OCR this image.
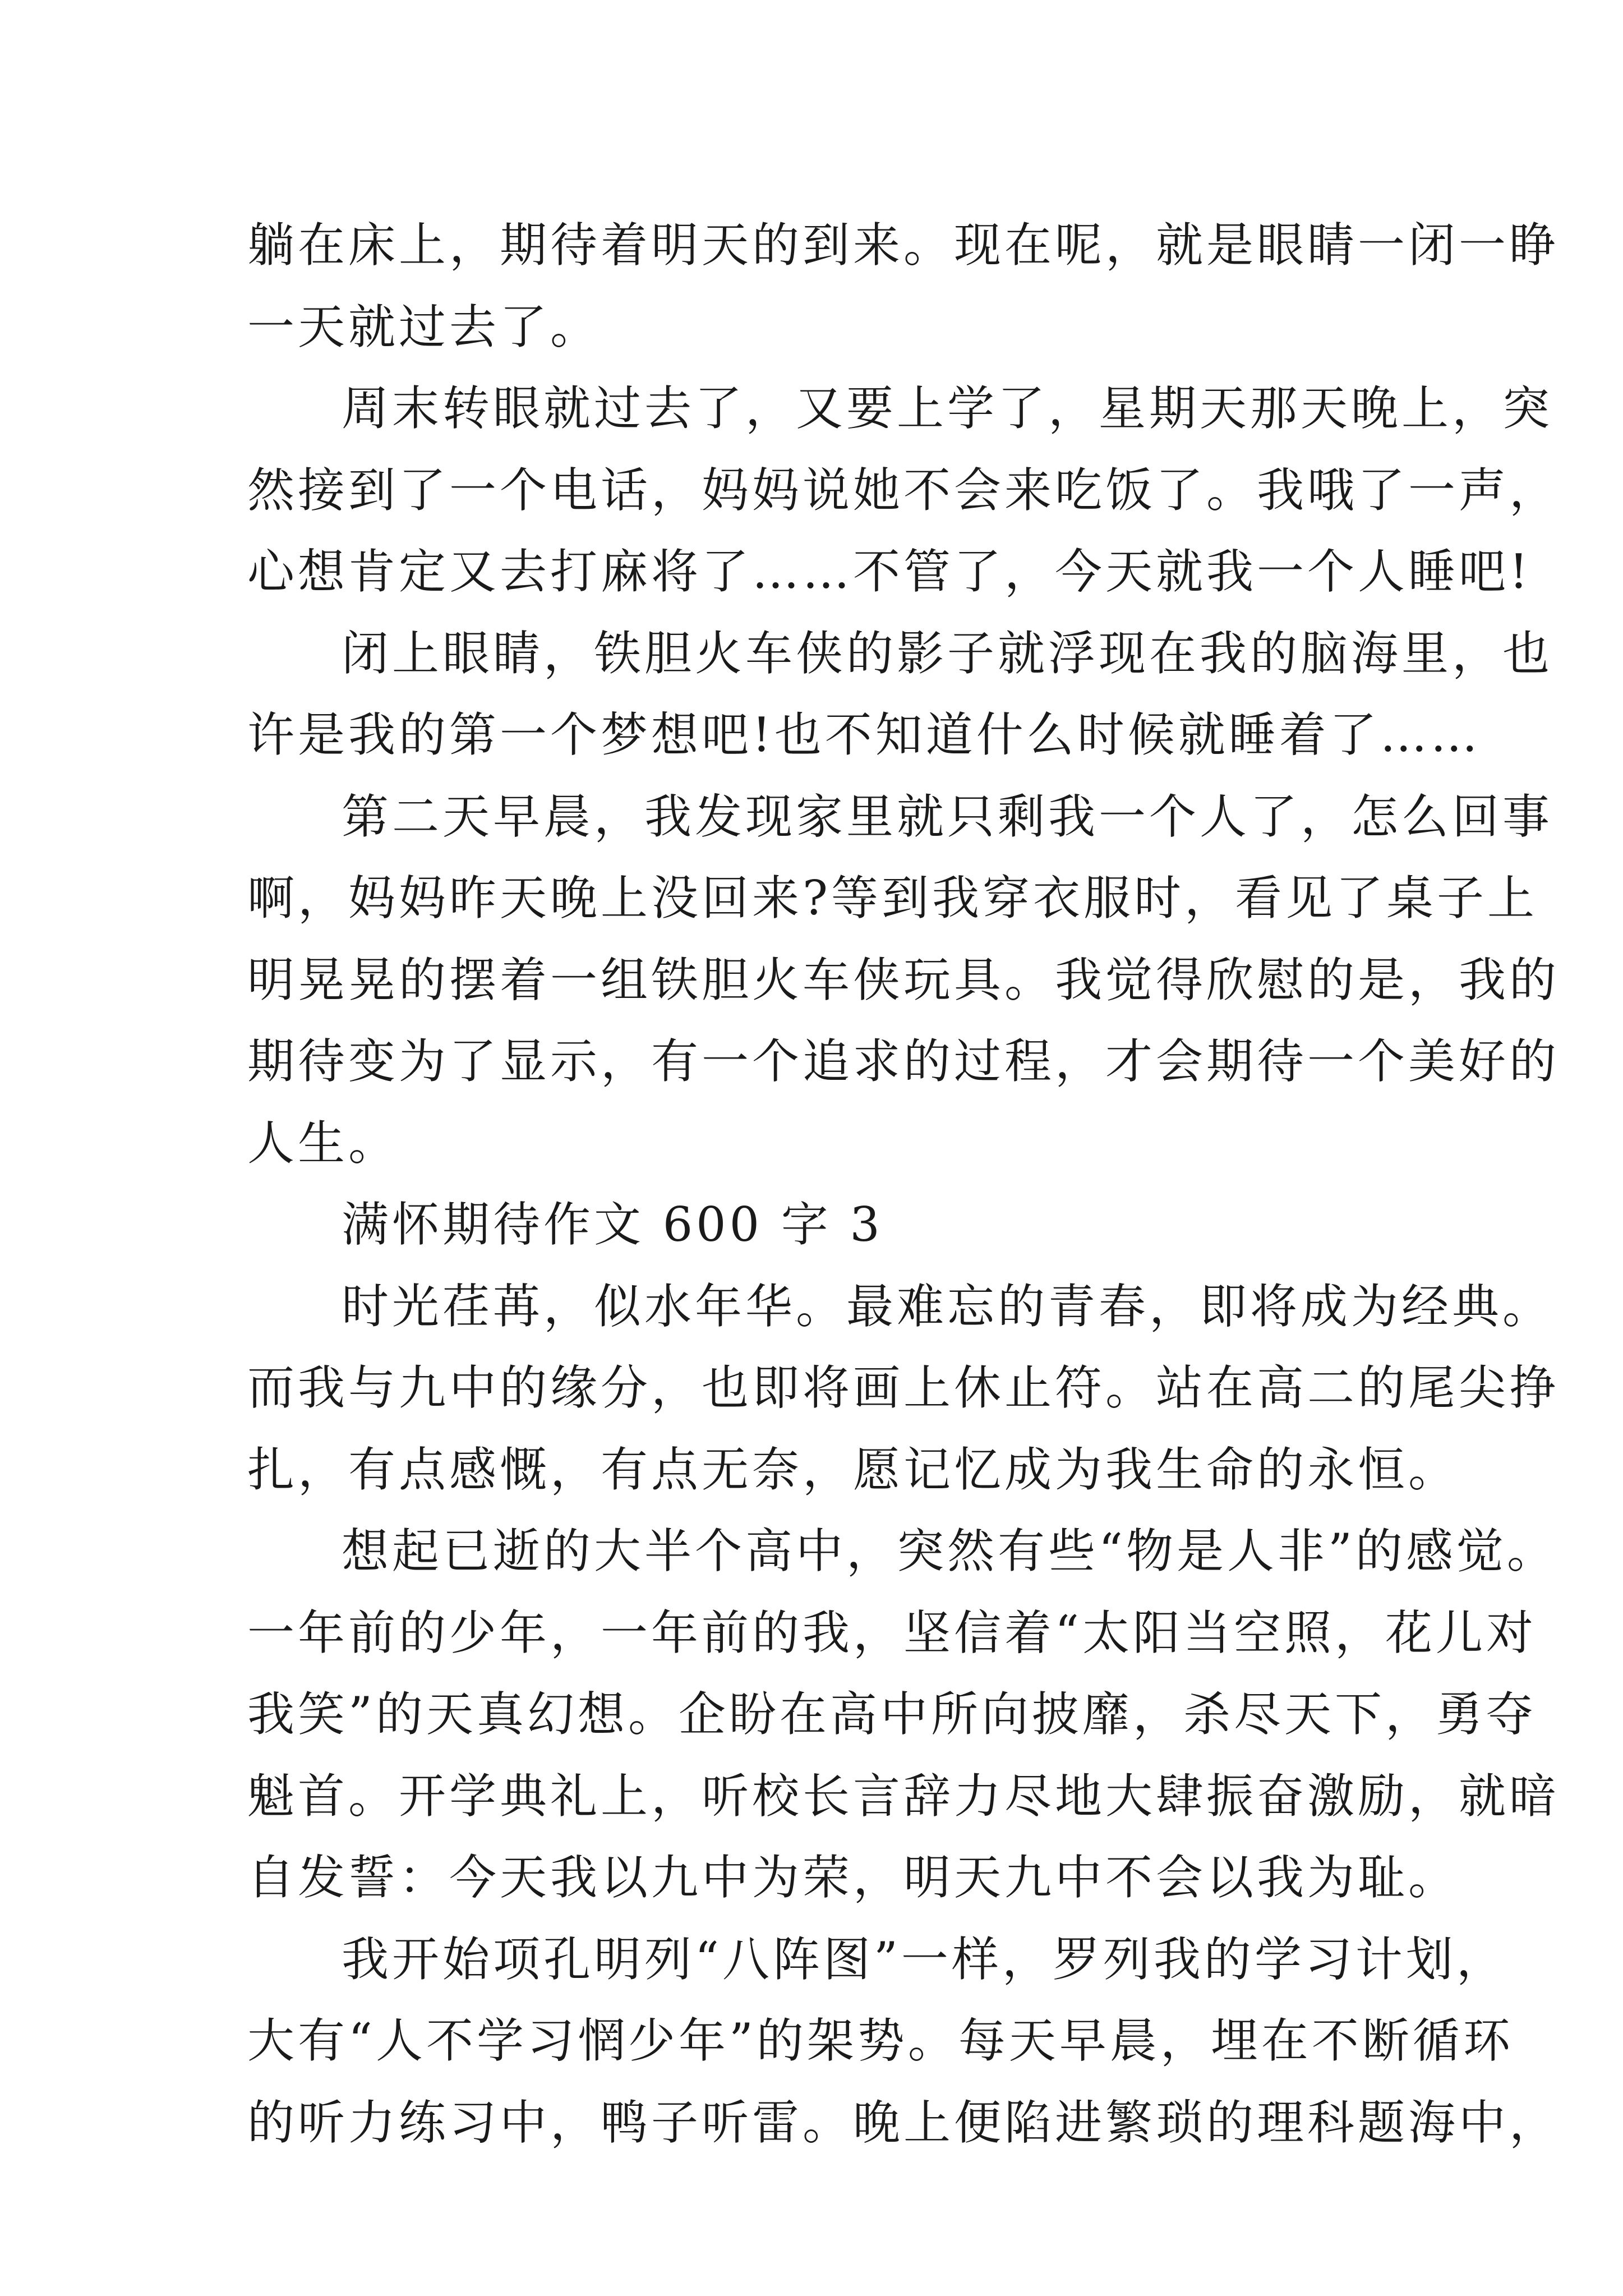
躺在床上，期待着明天的到来。现在呢，就是眼睛一闭一睁
一天就过去了。
周末转眼就过去了，又要上学了，星期天那天晚上，突
然接到了一个电话，妈妈说她不会来吃饭了。我哦了一声，
心想肯定又去打麻将了……不管了，今天就我一个人睡吧!
闭上眼睛，铁胆火车侠的影子就浮现在我的脑海里，也
许是我的第一个梦想吧!也不知道什么时候就睡着了……
第二天早晨，我发现家里就只剩我一个人了，怎么回事
啊，妈妈昨天晚上没回来?等到我穿衣服时，看见了桌子上
明晃晃的摆着一组铁胆火车侠玩具。我觉得欣慰的是，我的
期待变为了显示，有一个追求的过程，才会期待一个美好的
人生。
满怀期待作文 600 字 3
时光荏苒，似水年华。最难忘的青春，即将成为经典。
而我与九中的缘分，也即将画上休止符。站在高二的尾尖挣
扎，有点感慨，有点无奈，愿记忆成为我生命的永恒。
想起已逝的大半个高中，突然有些“物是人非”的感觉。
一年前的少年，一年前的我，坚信着“太阳当空照，花儿对
我笑”的天真幻想。企盼在高中所向披靡，杀尽天下，勇夺
魁首。开学典礼上，听校长言辞力尽地大肆振奋激励，就暗
自发誓：今天我以九中为荣，明天九中不会以我为耻。
我开始项孔明列“八阵图”一样，罗列我的学习计划，
大有“人不学习惘少年”的架势。每天早晨，埋在不断循环
的听力练习中，鸭子听雷。晚上便陷进繁琐的理科题海中，
